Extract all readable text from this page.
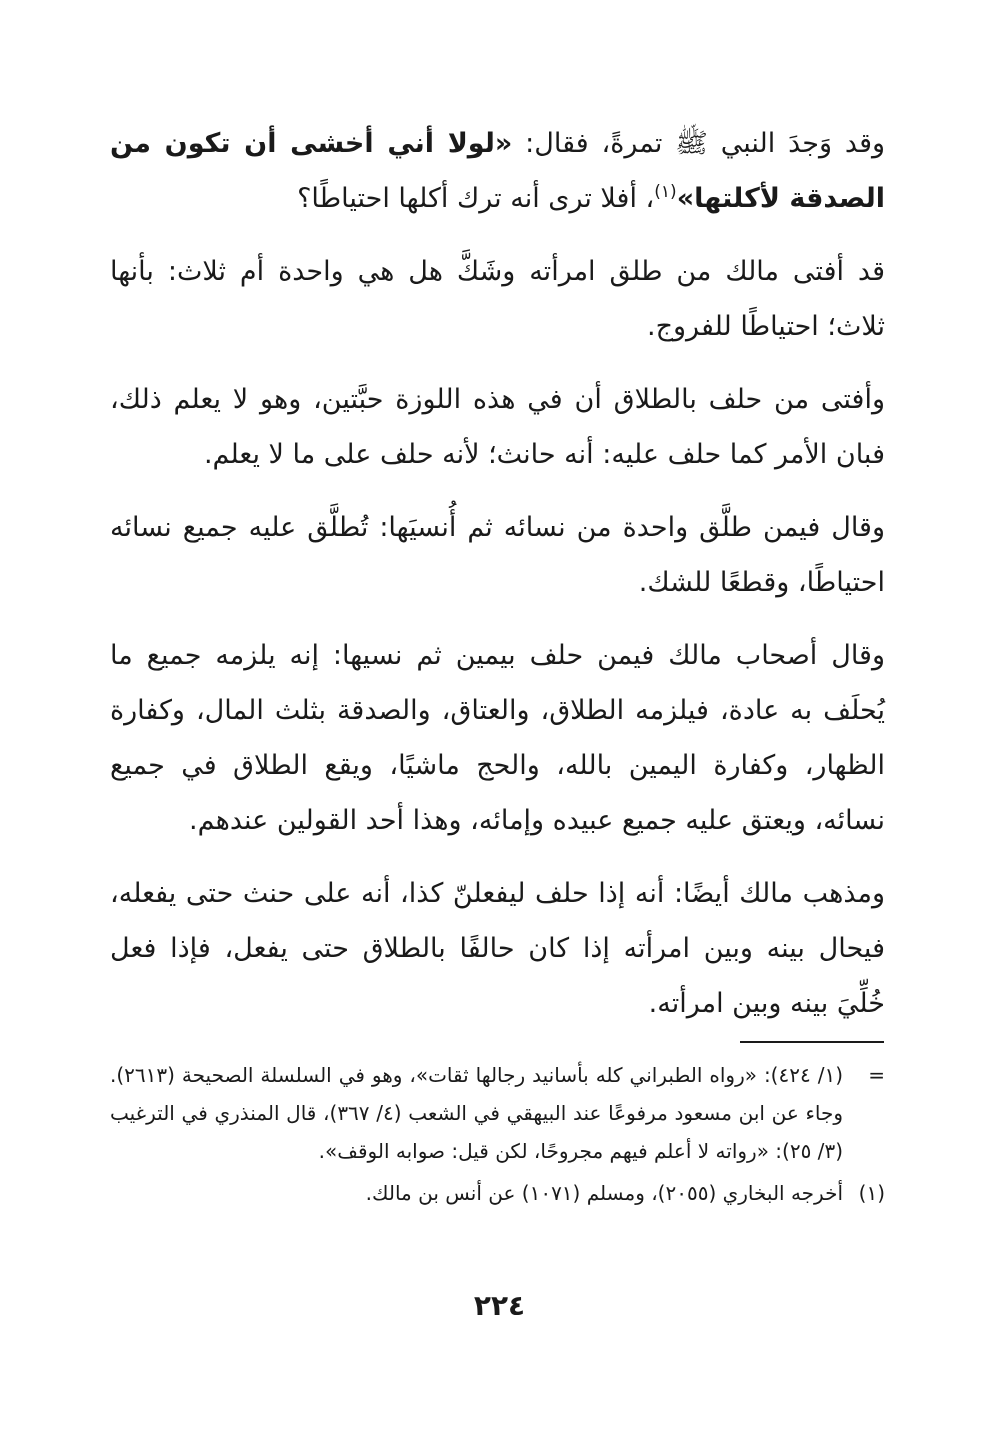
وقد وَجدَ النبي ﷺ تمرةً، فقال: «لولا أني أخشى أن تكون من الصدقة لأكلتها»$^{(١)}$، أفلا ترى أنه ترك أكلها احتياطًا؟

قد أفتى مالك من طلق امرأته وشَكَّ هل هي واحدة أم ثلاث: بأنها ثلاث؛ احتياطًا للفروج.

وأفتى من حلف بالطلاق أن في هذه اللوزة حبَّتين، وهو لا يعلم ذلك، فبان الأمر كما حلف عليه: أنه حانث؛ لأنه حلف على ما لا يعلم.

وقال فيمن طلَّق واحدة من نسائه ثم أُنسيَها: تُطلَّق عليه جميع نسائه احتياطًا، وقطعًا للشك.

وقال أصحاب مالك فيمن حلف بيمين ثم نسيها: إنه يلزمه جميع ما يُحلَف به عادة، فيلزمه الطلاق، والعتاق، والصدقة بثلث المال، وكفارة الظهار، وكفارة اليمين بالله، والحج ماشيًا، ويقع الطلاق في جميع نسائه، ويعتق عليه جميع عبيده وإمائه، وهذا أحد القولين عندهم.

ومذهب مالك أيضًا: أنه إذا حلف ليفعلنّ كذا، أنه على حنث حتى يفعله، فيحال بينه وبين امرأته إذا كان حالفًا بالطلاق حتى يفعل، فإذا فعل خُلِّيَ بينه وبين امرأته.

=
(١/ ٤٢٤): «رواه الطبراني كله بأسانيد رجالها ثقات»، وهو في السلسلة الصحيحة (٢٦١٣). وجاء عن ابن مسعود مرفوعًا عند البيهقي في الشعب (٤/ ٣٦٧)، قال المنذري في الترغيب (٣/ ٢٥): «رواته لا أعلم فيهم مجروحًا، لكن قيل: صوابه الوقف».
(١)
أخرجه البخاري (٢٠٥٥)، ومسلم (١٠٧١) عن أنس بن مالك.
٢٢٤
